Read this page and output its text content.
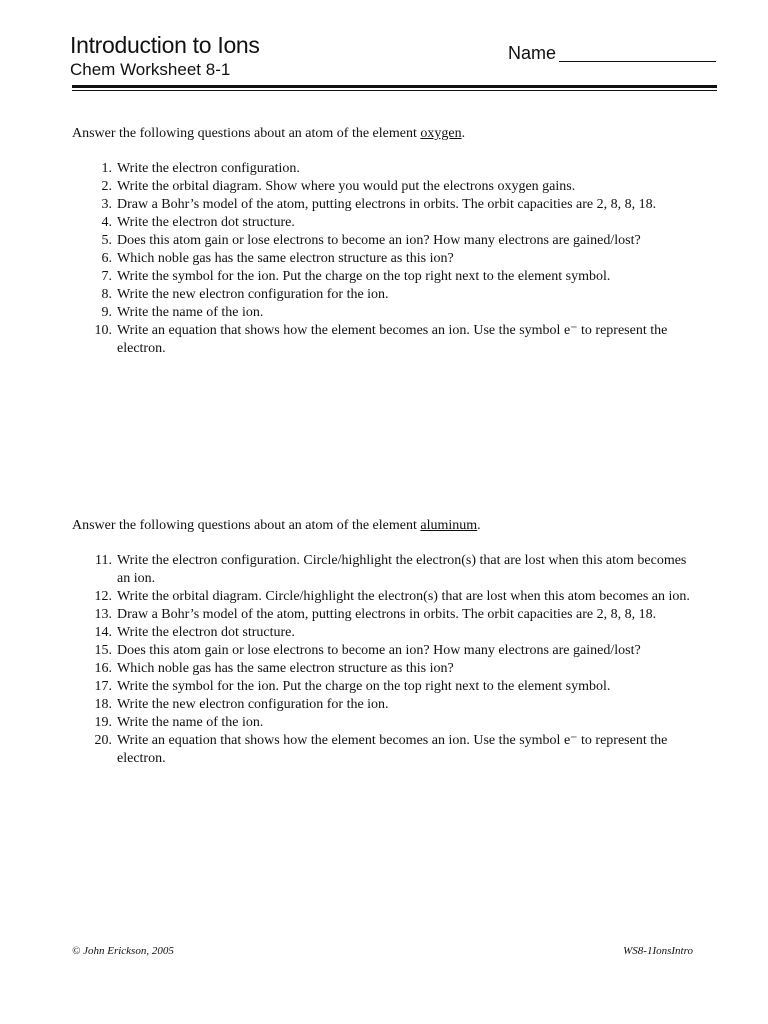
Introduction to Ions
Chem Worksheet 8-1
Name

Answer the following questions about an atom of the element oxygen.

1. Write the electron configuration.
2. Write the orbital diagram. Show where you would put the electrons oxygen gains.
3. Draw a Bohr’s model of the atom, putting electrons in orbits. The orbit capacities are 2, 8, 8, 18.
4. Write the electron dot structure.
5. Does this atom gain or lose electrons to become an ion? How many electrons are gained/lost?
6. Which noble gas has the same electron structure as this ion?
7. Write the symbol for the ion. Put the charge on the top right next to the element symbol.
8. Write the new electron configuration for the ion.
9. Write the name of the ion.
10. Write an equation that shows how the element becomes an ion. Use the symbol e⁻ to represent the electron.

Answer the following questions about an atom of the element aluminum.

11. Write the electron configuration. Circle/highlight the electron(s) that are lost when this atom becomes an ion.
12. Write the orbital diagram. Circle/highlight the electron(s) that are lost when this atom becomes an ion.
13. Draw a Bohr’s model of the atom, putting electrons in orbits. The orbit capacities are 2, 8, 8, 18.
14. Write the electron dot structure.
15. Does this atom gain or lose electrons to become an ion? How many electrons are gained/lost?
16. Which noble gas has the same electron structure as this ion?
17. Write the symbol for the ion. Put the charge on the top right next to the element symbol.
18. Write the new electron configuration for the ion.
19. Write the name of the ion.
20. Write an equation that shows how the element becomes an ion. Use the symbol e⁻ to represent the electron.
© John Erickson, 2005	WS8-1IonsIntro
